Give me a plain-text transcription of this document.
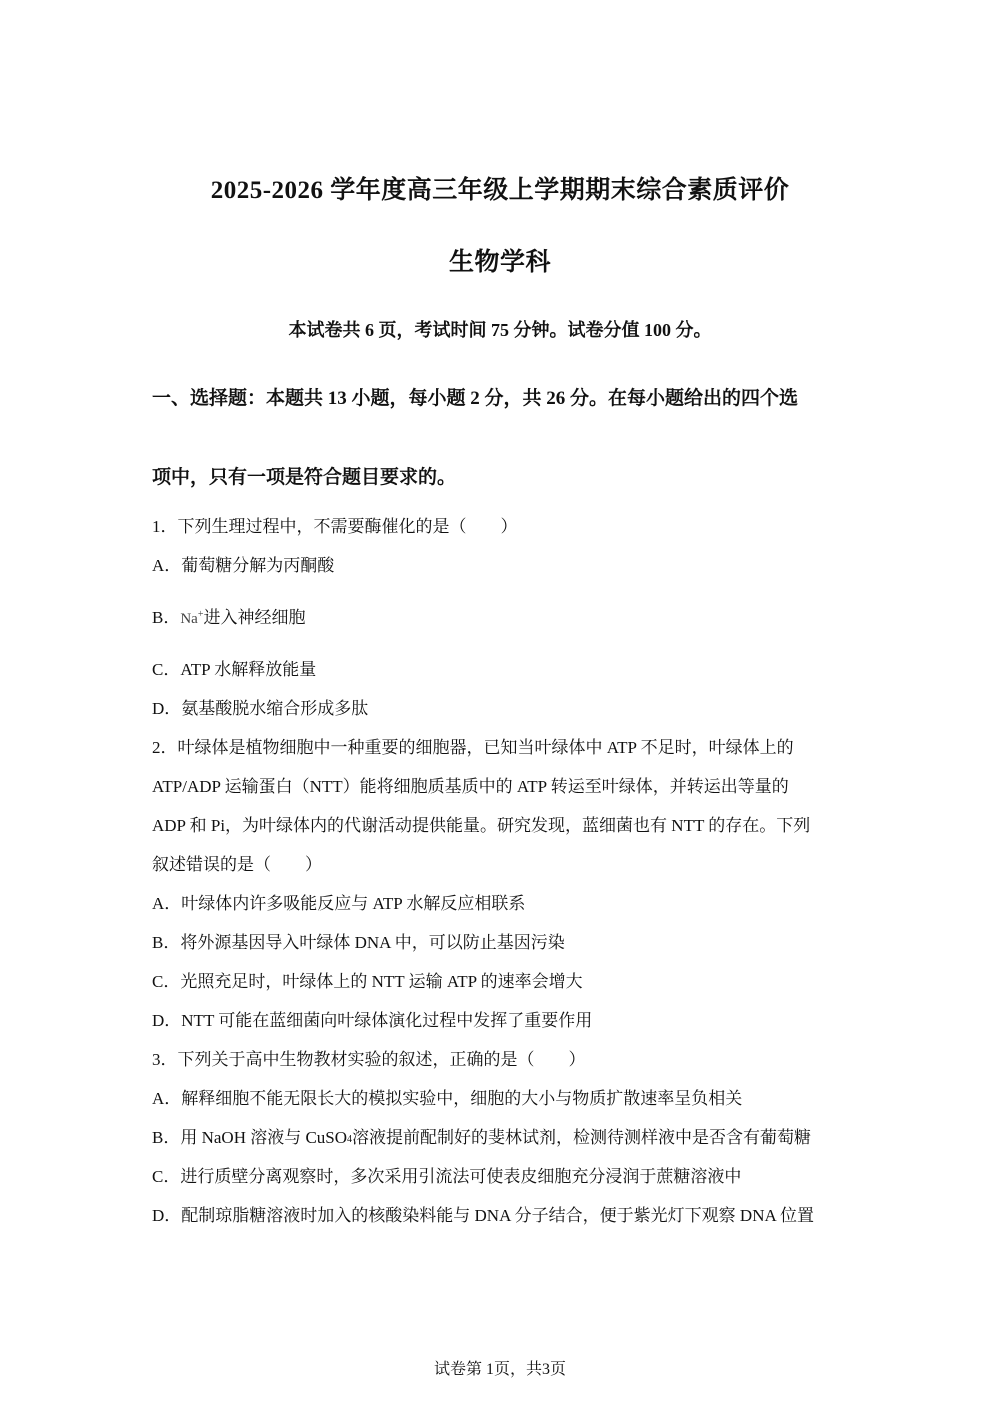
2025-2026 学年度高三年级上学期期末综合素质评价
生物学科
本试卷共 6 页，考试时间 75 分钟。试卷分值 100 分。
一、选择题：本题共 13 小题，每小题 2 分，共 26 分。在每小题给出的四个选
项中，只有一项是符合题目要求的。
1．下列生理过程中，不需要酶催化的是（　　）
A．葡萄糖分解为丙酮酸
B．Na+进入神经细胞
C．ATP 水解释放能量
D．氨基酸脱水缩合形成多肽
2．叶绿体是植物细胞中一种重要的细胞器，已知当叶绿体中 ATP 不足时，叶绿体上的
ATP/ADP 运输蛋白（NTT）能将细胞质基质中的 ATP 转运至叶绿体，并转运出等量的
ADP 和 Pi，为叶绿体内的代谢活动提供能量。研究发现，蓝细菌也有 NTT 的存在。下列
叙述错误的是（　　）
A．叶绿体内许多吸能反应与 ATP 水解反应相联系
B．将外源基因导入叶绿体 DNA 中，可以防止基因污染
C．光照充足时，叶绿体上的 NTT 运输 ATP 的速率会增大
D．NTT 可能在蓝细菌向叶绿体演化过程中发挥了重要作用
3．下列关于高中生物教材实验的叙述，正确的是（　　）
A．解释细胞不能无限长大的模拟实验中，细胞的大小与物质扩散速率呈负相关
B．用 NaOH 溶液与 CuSO4溶液提前配制好的斐林试剂，检测待测样液中是否含有葡萄糖
C．进行质壁分离观察时，多次采用引流法可使表皮细胞充分浸润于蔗糖溶液中
D．配制琼脂糖溶液时加入的核酸染料能与 DNA 分子结合，便于紫光灯下观察 DNA 位置
试卷第 1页，共3页
